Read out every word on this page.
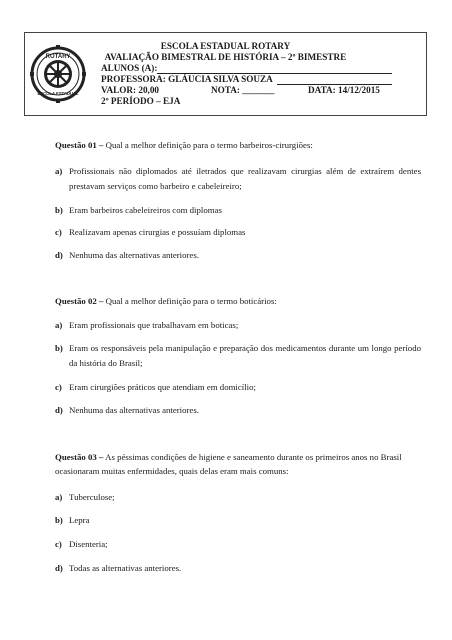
ROTARY
ESCOLA ESTADUAL
ESCOLA ESTADUAL ROTARY
AVALIAÇÃO BIMESTRAL DE HISTÓRIA – 2º BIMESTRE
ALUNOS (A):
PROFESSORA: GLÁUCIA SILVA SOUZA
VALOR: 20,00	NOTA: _______	DATA: 14/12/2015
2º PERÍODO – EJA
Questão 01 – Qual a melhor definição para o termo barbeiros-cirurgiões:
a) Profissionais não diplomados até iletrados que realizavam cirurgias além de extraírem dentes prestavam serviços como barbeiro e cabeleireiro;
b) Eram barbeiros cabeleireiros com diplomas
c) Realizavam apenas cirurgias e possuíam diplomas
d) Nenhuma das alternativas anteriores.
Questão 02 – Qual a melhor definição para o termo boticários:
a) Eram profissionais que trabalhavam em boticas;
b) Eram os responsáveis pela manipulação e preparação dos medicamentos durante um longo período da história do Brasil;
c) Eram cirurgiões práticos que atendiam em domicílio;
d) Nenhuma das alternativas anteriores.
Questão 03 – As péssimas condições de higiene e saneamento durante os primeiros anos no Brasil ocasionaram muitas enfermidades, quais delas eram mais comuns:
a) Tuberculose;
b) Lepra
c) Disenteria;
d) Todas as alternativas anteriores.
